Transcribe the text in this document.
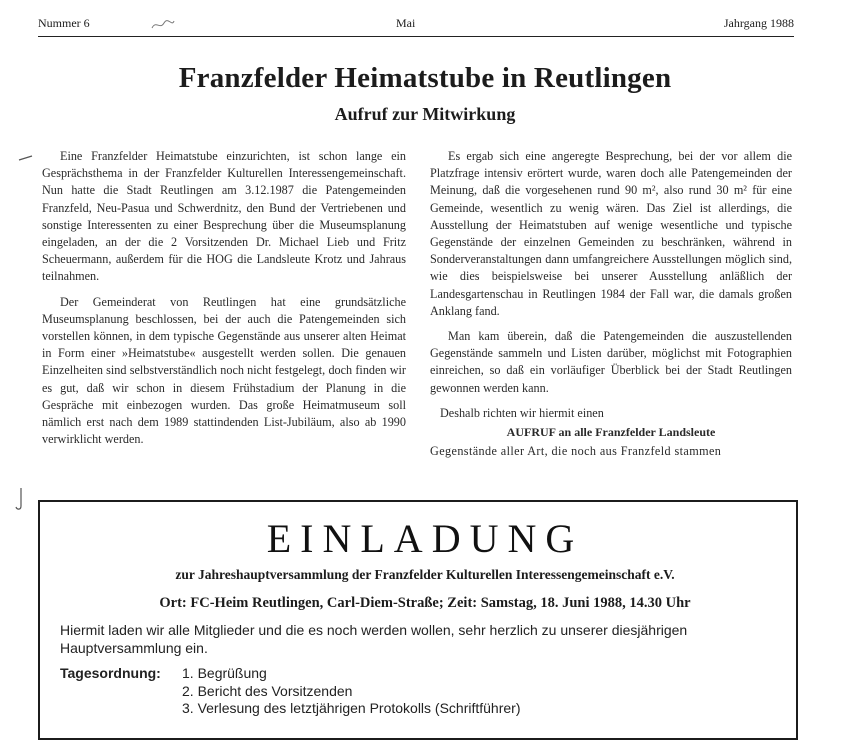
Nummer 6	Mai	Jahrgang 1988
Franzfelder Heimatstube in Reutlingen
Aufruf zur Mitwirkung

Eine Franzfelder Heimatstube einzurichten, ist schon lange ein Gesprächsthema in der Franzfelder Kulturellen Interessengemeinschaft. Nun hatte die Stadt Reutlingen am 3.12.1987 die Patengemeinden Franzfeld, Neu-Pasua und Schwerdnitz, den Bund der Vertriebenen und sonstige Interessenten zu einer Besprechung über die Museumsplanung eingeladen, an der die 2 Vorsitzenden Dr. Michael Lieb und Fritz Scheuermann, außerdem für die HOG die Landsleute Krotz und Jahraus teilnahmen.

Der Gemeinderat von Reutlingen hat eine grundsätzliche Museumsplanung beschlossen, bei der auch die Patengemeinden sich vorstellen können, in dem typische Gegenstände aus unserer alten Heimat in Form einer »Heimatstube« ausgestellt werden sollen. Die genauen Einzelheiten sind selbstverständlich noch nicht festgelegt, doch finden wir es gut, daß wir schon in diesem Frühstadium der Planung in die Gespräche mit einbezogen wurden. Das große Heimatmuseum soll nämlich erst nach dem 1989 stattindenden List-Jubiläum, also ab 1990 verwirklicht werden.

Es ergab sich eine angeregte Besprechung, bei der vor allem die Platzfrage intensiv erörtert wurde, waren doch alle Patengemeinden der Meinung, daß die vorgesehenen rund 90 m², also rund 30 m² für eine Gemeinde, wesentlich zu wenig wären. Das Ziel ist allerdings, die Ausstellung der Heimatstuben auf wenige wesentliche und typische Gegenstände der einzelnen Gemeinden zu beschränken, während in Sonderveranstaltungen dann umfangreichere Ausstellungen möglich sind, wie dies beispielsweise bei unserer Ausstellung anläßlich der Landesgartenschau in Reutlingen 1984 der Fall war, die damals großen Anklang fand.

Man kam überein, daß die Patengemeinden die auszustellenden Gegenstände sammeln und Listen darüber, möglichst mit Fotographien einreichen, so daß ein vorläufiger Überblick bei der Stadt Reutlingen gewonnen werden kann.

Deshalb richten wir hiermit einen

AUFRUF an alle Franzfelder Landsleute

Gegenstände aller Art, die noch aus Franzfeld stammen

EINLADUNG
zur Jahreshauptversammlung der Franzfelder Kulturellen Interessengemeinschaft e.V.
Ort: FC-Heim Reutlingen, Carl-Diem-Straße; Zeit: Samstag, 18. Juni 1988, 14.30 Uhr
Hiermit laden wir alle Mitglieder und die es noch werden wollen, sehr herzlich zu unserer diesjährigen Hauptversammlung ein.
Tagesordnung: 1. Begrüßung
2. Bericht des Vorsitzenden
3. Verlesung des letztjährigen Protokolls (Schriftführer)
